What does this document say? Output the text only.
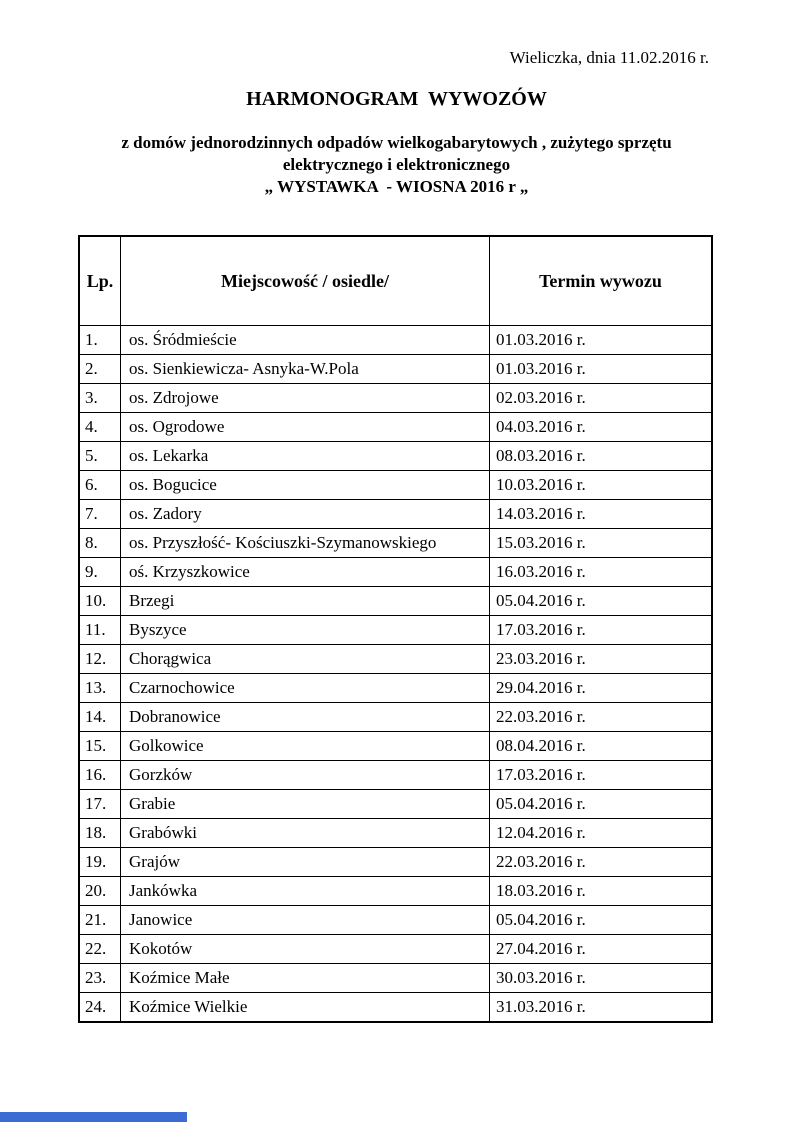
Wieliczka, dnia 11.02.2016 r.
HARMONOGRAM  WYWOZÓW
z domów jednorodzinnych odpadów wielkogabarytowych , zużytego sprzętu
elektrycznego i elektronicznego
„ WYSTAWKA  - WIOSNA 2016 r „
Lp.	Miejscowość / osiedle/	Termin wywozu
1.	os. Śródmieście	01.03.2016 r.
2.	os. Sienkiewicza- Asnyka-W.Pola	01.03.2016 r.
3.	os. Zdrojowe	02.03.2016 r.
4.	os. Ogrodowe	04.03.2016 r.
5.	os. Lekarka	08.03.2016 r.
6.	os. Bogucice	10.03.2016 r.
7.	os. Zadory	14.03.2016 r.
8.	os. Przyszłość- Kościuszki-Szymanowskiego	15.03.2016 r.
9.	oś. Krzyszkowice	16.03.2016 r.
10.	Brzegi	05.04.2016 r.
11.	Byszyce	17.03.2016 r.
12.	Chorągwica	23.03.2016 r.
13.	Czarnochowice	29.04.2016 r.
14.	Dobranowice	22.03.2016 r.
15.	Golkowice	08.04.2016 r.
16.	Gorzków	17.03.2016 r.
17.	Grabie	05.04.2016 r.
18.	Grabówki	12.04.2016 r.
19.	Grajów	22.03.2016 r.
20.	Jankówka	18.03.2016 r.
21.	Janowice	05.04.2016 r.
22.	Kokotów	27.04.2016 r.
23.	Koźmice Małe	30.03.2016 r.
24.	Koźmice Wielkie	31.03.2016 r.
